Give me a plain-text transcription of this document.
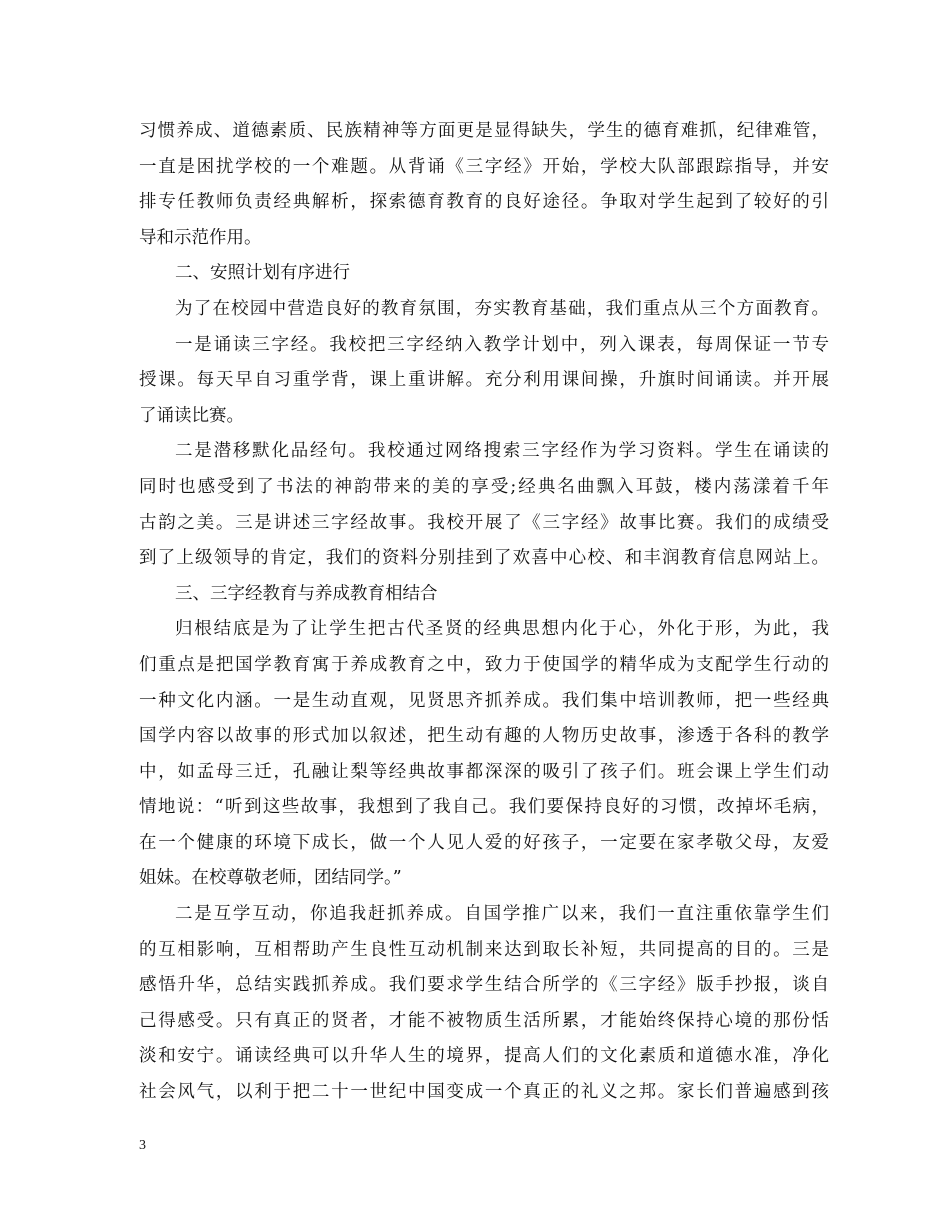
习惯养成、道德素质、民族精神等方面更是显得缺失，学生的德育难抓，纪律难管，
一直是困扰学校的一个难题。从背诵《三字经》开始，学校大队部跟踪指导，并安
排专任教师负责经典解析，探索德育教育的良好途径。争取对学生起到了较好的引
导和示范作用。
二、安照计划有序进行
为了在校园中营造良好的教育氛围，夯实教育基础，我们重点从三个方面教育。
一是诵读三字经。我校把三字经纳入教学计划中，列入课表，每周保证一节专
授课。每天早自习重学背，课上重讲解。充分利用课间操，升旗时间诵读。并开展
了诵读比赛。
二是潜移默化品经句。我校通过网络搜索三字经作为学习资料。学生在诵读的
同时也感受到了书法的神韵带来的美的享受;经典名曲飘入耳鼓，楼内荡漾着千年
古韵之美。三是讲述三字经故事。我校开展了《三字经》故事比赛。我们的成绩受
到了上级领导的肯定，我们的资料分别挂到了欢喜中心校、和丰润教育信息网站上。
三、三字经教育与养成教育相结合
归根结底是为了让学生把古代圣贤的经典思想内化于心，外化于形，为此，我
们重点是把国学教育寓于养成教育之中，致力于使国学的精华成为支配学生行动的
一种文化内涵。一是生动直观，见贤思齐抓养成。我们集中培训教师，把一些经典
国学内容以故事的形式加以叙述，把生动有趣的人物历史故事，渗透于各科的教学
中，如孟母三迁，孔融让梨等经典故事都深深的吸引了孩子们。班会课上学生们动
情地说：“听到这些故事，我想到了我自己。我们要保持良好的习惯，改掉坏毛病，
在一个健康的环境下成长，做一个人见人爱的好孩子，一定要在家孝敬父母，友爱
姐妹。在校尊敬老师，团结同学。”
二是互学互动，你追我赶抓养成。自国学推广以来，我们一直注重依靠学生们
的互相影响，互相帮助产生良性互动机制来达到取长补短，共同提高的目的。三是
感悟升华，总结实践抓养成。我们要求学生结合所学的《三字经》版手抄报，谈自
己得感受。只有真正的贤者，才能不被物质生活所累，才能始终保持心境的那份恬
淡和安宁。诵读经典可以升华人生的境界，提高人们的文化素质和道德水准，净化
社会风气，以利于把二十一世纪中国变成一个真正的礼义之邦。家长们普遍感到孩
3
